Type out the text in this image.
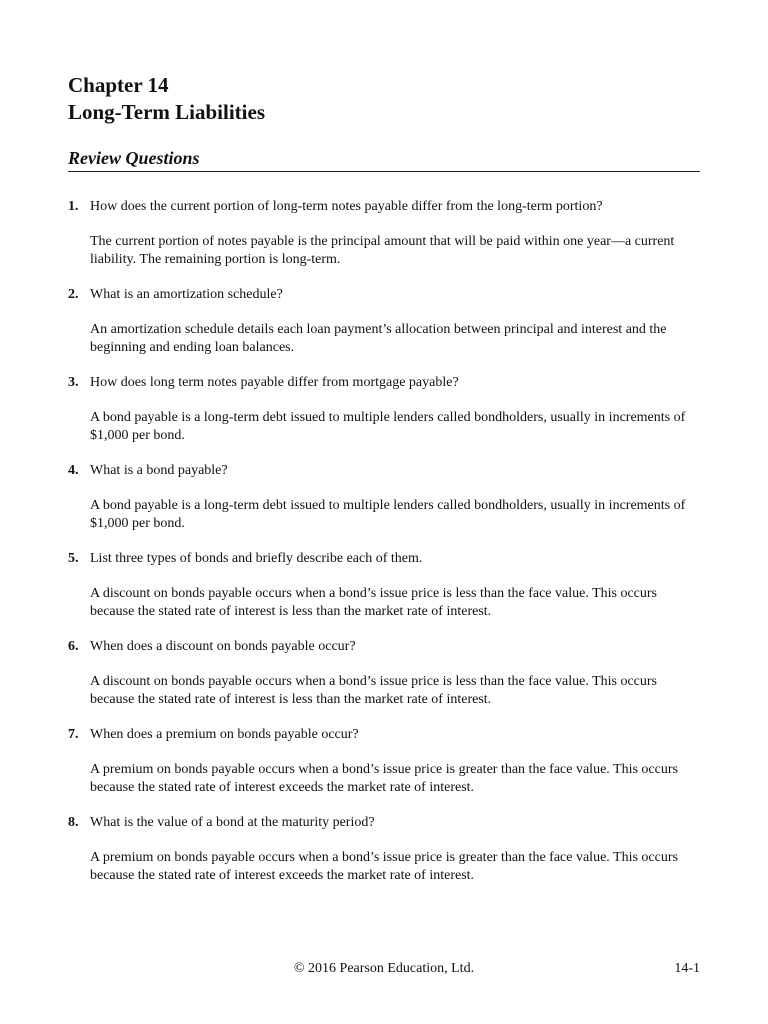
Chapter 14
Long-Term Liabilities
Review Questions
1. How does the current portion of long-term notes payable differ from the long-term portion?
The current portion of notes payable is the principal amount that will be paid within one year—a current liability. The remaining portion is long-term.
2. What is an amortization schedule?
An amortization schedule details each loan payment’s allocation between principal and interest and the beginning and ending loan balances.
3. How does long term notes payable differ from mortgage payable?
A bond payable is a long-term debt issued to multiple lenders called bondholders, usually in increments of $1,000 per bond.
4. What is a bond payable?
A bond payable is a long-term debt issued to multiple lenders called bondholders, usually in increments of $1,000 per bond.
5. List three types of bonds and briefly describe each of them.
A discount on bonds payable occurs when a bond’s issue price is less than the face value. This occurs because the stated rate of interest is less than the market rate of interest.
6. When does a discount on bonds payable occur?
A discount on bonds payable occurs when a bond’s issue price is less than the face value. This occurs because the stated rate of interest is less than the market rate of interest.
7. When does a premium on bonds payable occur?
A premium on bonds payable occurs when a bond’s issue price is greater than the face value. This occurs because the stated rate of interest exceeds the market rate of interest.
8. What is the value of a bond at the maturity period?
A premium on bonds payable occurs when a bond’s issue price is greater than the face value. This occurs because the stated rate of interest exceeds the market rate of interest.
© 2016 Pearson Education, Ltd.	14-1
